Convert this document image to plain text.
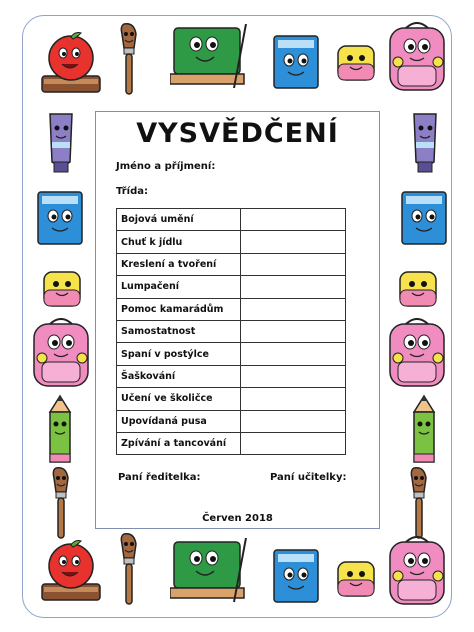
VYSVĚDČENÍ
Jméno a příjmení:
Třída:
Bojová umění	
Chuť k jídlu	
Kreslení a tvoření	
Lumpačení	
Pomoc kamarádům	
Samostatnost	
Spaní v postýlce	
Šaškování	
Učení ve školičce	
Upovídaná pusa	
Zpívání a tancování	
Paní ředitelka:	Paní učitelky:
Červen 2018
